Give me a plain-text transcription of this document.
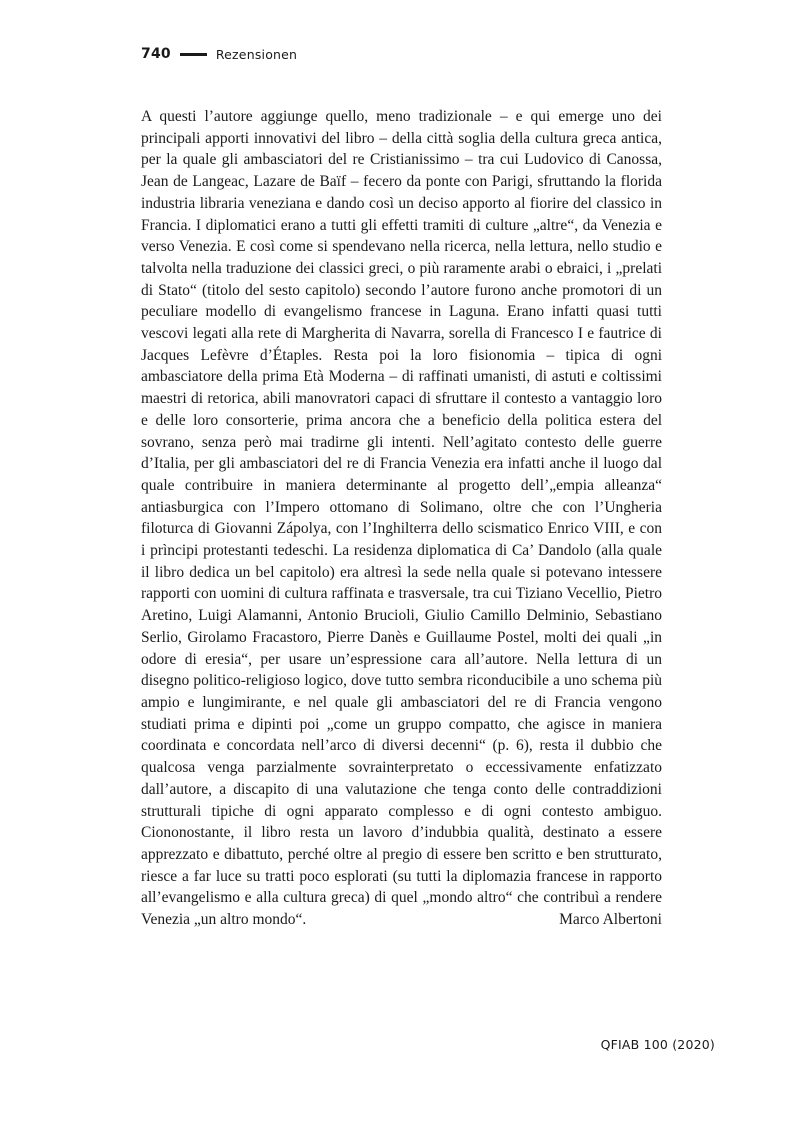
740	Rezensionen

A questi l’autore aggiunge quello, meno tradizionale – e qui emerge uno dei principali apporti innovativi del libro – della città soglia della cultura greca antica, per la quale gli ambasciatori del re Cristianissimo – tra cui Ludovico di Canossa, Jean de Langeac, Lazare de Baïf – fecero da ponte con Parigi, sfruttando la florida industria libraria veneziana e dando così un deciso apporto al fiorire del classico in Francia. I diplomatici erano a tutti gli effetti tramiti di culture „altre“, da Venezia e verso Venezia. E così come si spendevano nella ricerca, nella lettura, nello studio e talvolta nella traduzione dei classici greci, o più raramente arabi o ebraici, i „prelati di Stato“ (titolo del sesto capitolo) secondo l’autore furono anche promotori di un peculiare modello di evangelismo francese in Laguna. Erano infatti quasi tutti vescovi legati alla rete di Margherita di Navarra, sorella di Francesco I e fautrice di Jacques Lefèvre d’Étaples. Resta poi la loro fisionomia – tipica di ogni ambasciatore della prima Età Moderna – di raffinati umanisti, di astuti e coltissimi maestri di retorica, abili manovratori capaci di sfruttare il contesto a vantaggio loro e delle loro consorterie, prima ancora che a beneficio della politica estera del sovrano, senza però mai tradirne gli intenti. Nell’agitato contesto delle guerre d’Italia, per gli ambasciatori del re di Francia Venezia era infatti anche il luogo dal quale contribuire in maniera determinante al progetto dell’„empia alleanza“ antiasburgica con l’Impero ottomano di Solimano, oltre che con l’Ungheria filoturca di Giovanni Zápolya, con l’Inghilterra dello scismatico Enrico VIII, e con i prìncipi protestanti tedeschi. La residenza diplomatica di Ca’ Dandolo (alla quale il libro dedica un bel capitolo) era altresì la sede nella quale si potevano intessere rapporti con uomini di cultura raffinata e trasversale, tra cui Tiziano Vecellio, Pietro Aretino, Luigi Alamanni, Antonio Brucioli, Giulio Camillo Delminio, Sebastiano Serlio, Girolamo Fracastoro, Pierre Danès e Guillaume Postel, molti dei quali „in odore di eresia“, per usare un’espressione cara all’autore. Nella lettura di un disegno politico-religioso logico, dove tutto sembra riconducibile a uno schema più ampio e lungimirante, e nel quale gli ambasciatori del re di Francia vengono studiati prima e dipinti poi „come un gruppo compatto, che agisce in maniera coordinata e concordata nell’arco di diversi decenni“ (p. 6), resta il dubbio che qualcosa venga parzialmente sovrainterpretato o eccessivamente enfatizzato dall’autore, a discapito di una valutazione che tenga conto delle contraddizioni strutturali tipiche di ogni apparato complesso e di ogni contesto ambiguo. Ciononostante, il libro resta un lavoro d’indubbia qualità, destinato a essere apprezzato e dibattuto, perché oltre al pregio di essere ben scritto e ben strutturato, riesce a far luce su tratti poco esplorati (su tutti la diplomazia francese in rapporto all’evangelismo e alla cultura greca) di quel „mondo altro“ che contribuì a rendere Venezia „un altro mondo“.	Marco Albertoni

QFIAB 100 (2020)
